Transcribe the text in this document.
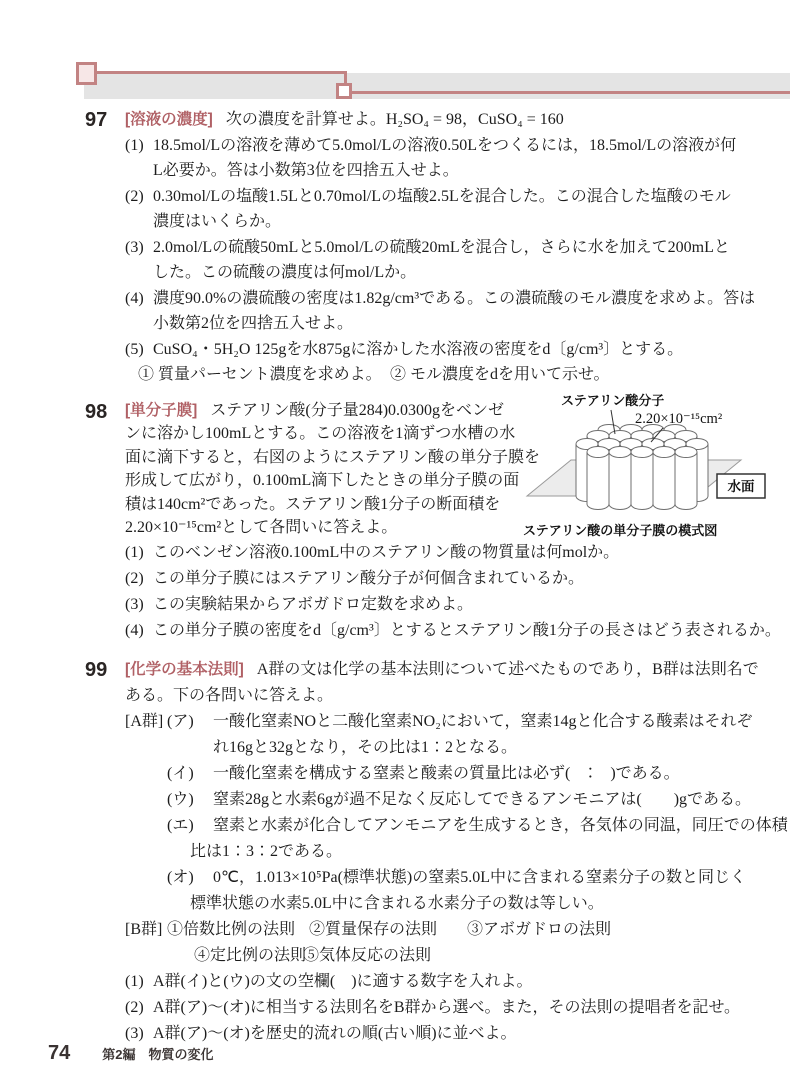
97	[溶液の濃度] 次の濃度を計算せよ。H₂SO₄ = 98，CuSO₄ = 160
(1) 18.5mol/Lの溶液を薄めて5.0mol/Lの溶液0.50Lをつくるには，18.5mol/Lの溶液が何
L必要か。答は小数第3位を四捨五入せよ。
(2) 0.30mol/Lの塩酸1.5Lと0.70mol/Lの塩酸2.5Lを混合した。この混合した塩酸のモル
濃度はいくらか。
(3) 2.0mol/Lの硫酸50mLと5.0mol/Lの硫酸20mLを混合し，さらに水を加えて200mLと
した。この硫酸の濃度は何mol/Lか。
(4) 濃度90.0%の濃硫酸の密度は1.82g/cm³である。この濃硫酸のモル濃度を求めよ。答は
小数第2位を四捨五入せよ。
(5) CuSO₄・5H₂O 125gを水875gに溶かした水溶液の密度をd〔g/cm³〕とする。
① 質量パーセント濃度を求めよ。 ② モル濃度をdを用いて示せ。
98
ステアリン酸分子
2.20×10⁻¹⁵cm²
水面
ステアリン酸の単分子膜の模式図
[単分子膜] ステアリン酸(分子量284)0.0300gをベンゼ
ンに溶かし100mLとする。この溶液を1滴ずつ水槽の水
面に滴下すると，右図のようにステアリン酸の単分子膜を
形成して広がり，0.100mL滴下したときの単分子膜の面
積は140cm²であった。ステアリン酸1分子の断面積を
2.20×10⁻¹⁵cm²として各問いに答えよ。
(1) このベンゼン溶液0.100mL中のステアリン酸の物質量は何molか。
(2) この単分子膜にはステアリン酸分子が何個含まれているか。
(3) この実験結果からアボガドロ定数を求めよ。
(4) この単分子膜の密度をd〔g/cm³〕とするとステアリン酸1分子の長さはどう表されるか。
99	[化学の基本法則] A群の文は化学の基本法則について述べたものであり，B群は法則名で
ある。下の各問いに答えよ。
[A群] (ア)	一酸化窒素NOと二酸化窒素NO₂において，窒素14gと化合する酸素はそれぞ
れ16gと32gとなり，その比は1：2となる。
(イ)	一酸化窒素を構成する窒素と酸素の質量比は必ず(　：　)である。
(ウ)	窒素28gと水素6gが過不足なく反応してできるアンモニアは(　　)gである。
(エ)	窒素と水素が化合してアンモニアを生成するとき，各気体の同温，同圧での体積
比は1：3：2である。
(オ)	0℃，1.013×10⁵Pa(標準状態)の窒素5.0L中に含まれる窒素分子の数と同じく
標準状態の水素5.0L中に含まれる水素分子の数は等しい。
[B群] ①倍数比例の法則 ②質量保存の法則	③アボガドロの法則
④定比例の法則
⑤気体反応の法則
(1) A群(イ)と(ウ)の文の空欄(　)に適する数字を入れよ。
(2) A群(ア)～(オ)に相当する法則名をB群から選べ。また，その法則の提唱者を記せ。
(3) A群(ア)～(オ)を歴史的流れの順(古い順)に並べよ。
74 第2編　物質の変化
